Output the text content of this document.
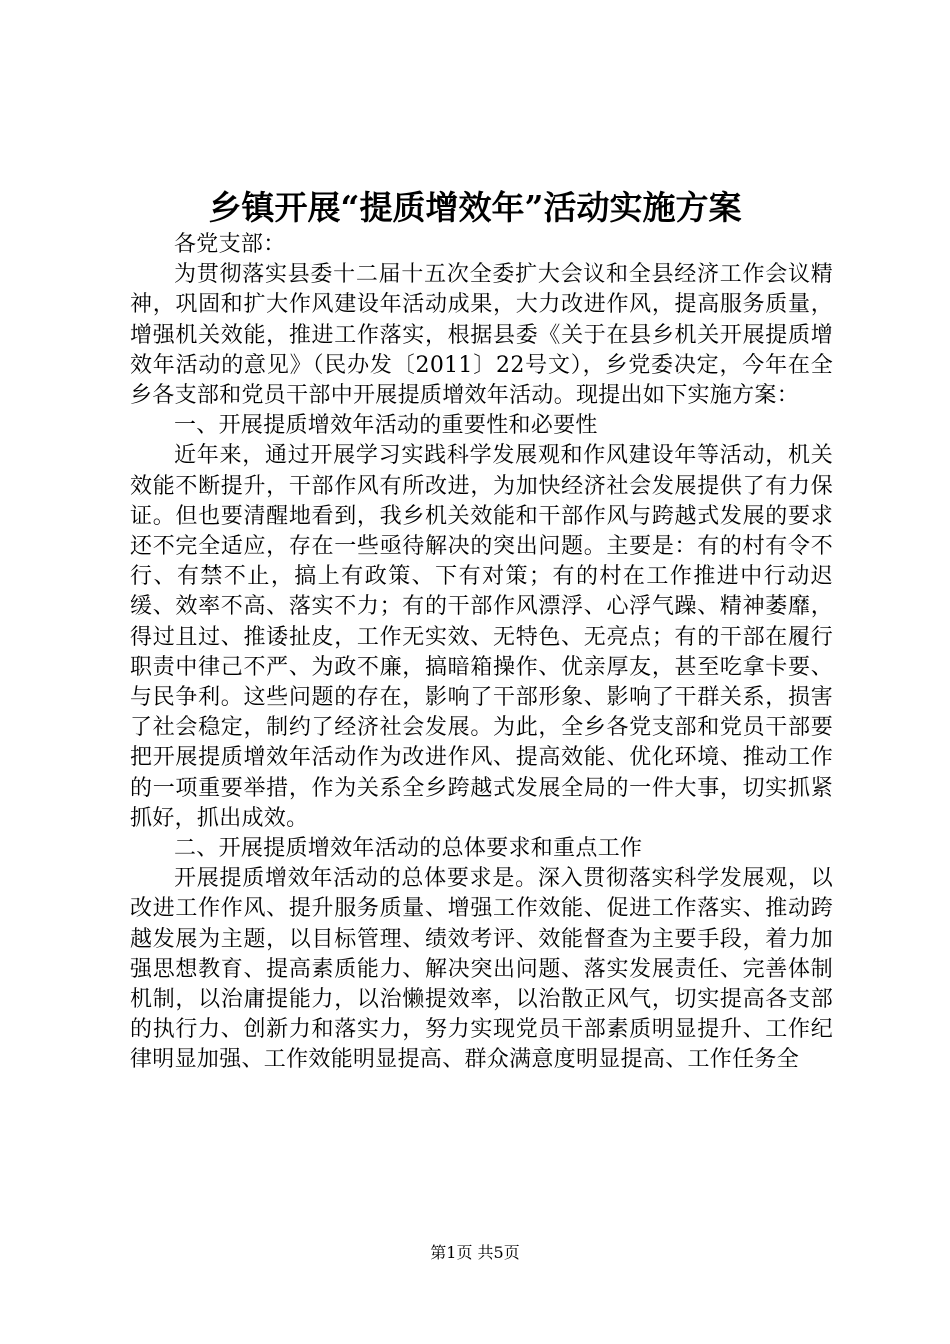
乡镇开展“提质增效年”活动实施方案

各党支部：

为贯彻落实县委十二届十五次全委扩大会议和全县经济工作会议精神，巩固和扩大作风建设年活动成果，大力改进作风，提高服务质量，增强机关效能，推进工作落实，根据县委《关于在县乡机关开展提质增效年活动的意见》（民办发〔2011〕22号文），乡党委决定，今年在全乡各支部和党员干部中开展提质增效年活动。现提出如下实施方案：

一、开展提质增效年活动的重要性和必要性

近年来，通过开展学习实践科学发展观和作风建设年等活动，机关效能不断提升，干部作风有所改进，为加快经济社会发展提供了有力保证。但也要清醒地看到，我乡机关效能和干部作风与跨越式发展的要求还不完全适应，存在一些亟待解决的突出问题。主要是：有的村有令不行、有禁不止，搞上有政策、下有对策；有的村在工作推进中行动迟缓、效率不高、落实不力；有的干部作风漂浮、心浮气躁、精神萎靡，得过且过、推诿扯皮，工作无实效、无特色、无亮点；有的干部在履行职责中律己不严、为政不廉，搞暗箱操作、优亲厚友，甚至吃拿卡要、与民争利。这些问题的存在，影响了干部形象、影响了干群关系，损害了社会稳定，制约了经济社会发展。为此，全乡各党支部和党员干部要把开展提质增效年活动作为改进作风、提高效能、优化环境、推动工作的一项重要举措，作为关系全乡跨越式发展全局的一件大事，切实抓紧抓好，抓出成效。

二、开展提质增效年活动的总体要求和重点工作

开展提质增效年活动的总体要求是。深入贯彻落实科学发展观，以改进工作作风、提升服务质量、增强工作效能、促进工作落实、推动跨越发展为主题，以目标管理、绩效考评、效能督查为主要手段，着力加强思想教育、提高素质能力、解决突出问题、落实发展责任、完善体制机制，以治庸提能力，以治懒提效率，以治散正风气，切实提高各支部的执行力、创新力和落实力，努力实现党员干部素质明显提升、工作纪律明显加强、工作效能明显提高、群众满意度明显提高、工作任务全

第1页 共5页
